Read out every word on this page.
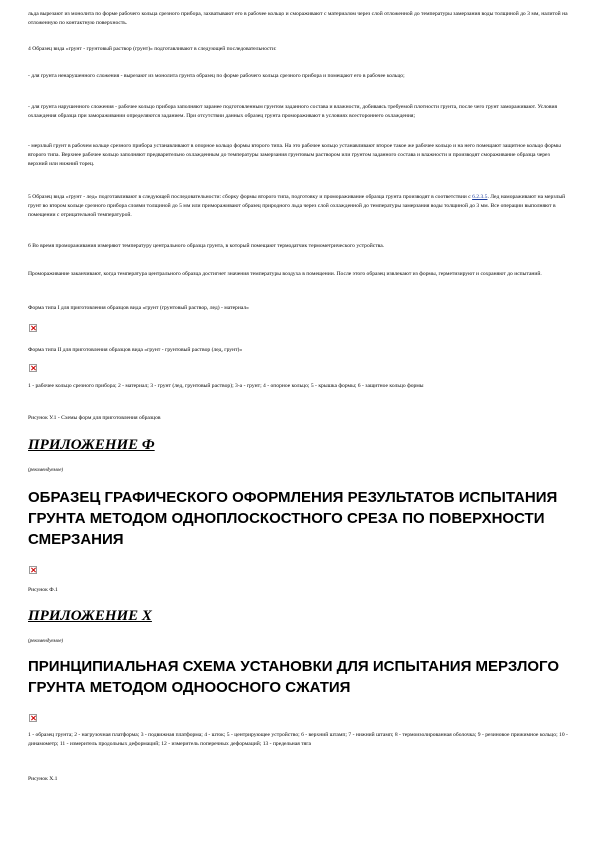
льда вырезают из монолита по форме рабочего кольца срезного прибора, захватывают его в рабочее кольцо и смораживают с материалом через слой отложенной до температуры замерзания воды толщиной до 3 мм, налитой на отложенную по контактную поверхность.

4 Образец вида «грунт - грунтовый раствор (грунт)» подготавливают в следующей последовательности:

- для грунта ненарушенного сложения - вырезают из монолита грунта образец по форме рабочего кольца срезного прибора и помещают его в рабочее кольцо;

- для грунта нарушенного сложения - рабочее кольцо прибора заполняют заранее подготовленным грунтом заданного состава и влажности, добиваясь требуемой плотности грунта, после чего грунт замораживают. Условия охлаждения образца при замораживании определяются заданием. При отсутствии данных образец грунта промораживают в условиях всестороннего охлаждения;

- мерзлый грунт в рабочем кольце срезного прибора устанавливают в опорное кольцо формы второго типа. На это рабочее кольцо устанавливают второе такое же рабочее кольцо и на него помещают защитное кольцо формы второго типа. Верхнее рабочее кольцо заполняют предварительно охлажденным до температуры замерзания грунтовым раствором или грунтом заданного состава и влажности и производят смораживание образца через верхний или нижний торец.

5 Образец вида «грунт - лед» подготавливают в следующей последовательности: сборку формы второго типа, подготовку и промораживание образца грунта производят в соответствии с 6.2.3.5. Лед намораживают на мерзлый грунт во втором кольце срезного прибора слоями толщиной до 5 мм или примораживают образец природного льда через слой охлажденной до температуры замерзания воды толщиной до 3 мм. Все операции выполняют в помещении с отрицательной температурой.

6 Во время промораживания измеряют температуру центрального образца грунта, в который помещают термодатчик термометрического устройства.

Промораживание заканчивают, когда температура центрального образца достигнет значения температуры воздуха в помещении. После этого образец извлекают из формы, герметизируют и сохраняют до испытаний.

Форма типа I для приготовления образцов вида «грунт (грунтовый раствор, лед) - материал»

Форма типа II для приготовления образцов вида «грунт - грунтовый раствор (лед, грунт)»

1 - рабочее кольцо срезного прибора; 2 - материал; 3 - грунт (лед, грунтовый раствор); 3-а - грунт; 4 - опорное кольцо; 5 - крышка формы; 6 - защитное кольцо формы

Рисунок У.1 - Схемы форм для приготовления образцов

ПРИЛОЖЕНИЕ Ф

(рекомендуемое)

ОБРАЗЕЦ ГРАФИЧЕСКОГО ОФОРМЛЕНИЯ РЕЗУЛЬТАТОВ ИСПЫТАНИЯ ГРУНТА МЕТОДОМ ОДНОПЛОСКОСТНОГО СРЕЗА ПО ПОВЕРХНОСТИ СМЕРЗАНИЯ

Рисунок Ф.1

ПРИЛОЖЕНИЕ Х

(рекомендуемое)

ПРИНЦИПИАЛЬНАЯ СХЕМА УСТАНОВКИ ДЛЯ ИСПЫТАНИЯ МЕРЗЛОГО ГРУНТА МЕТОДОМ ОДНООСНОГО СЖАТИЯ

1 - образец грунта; 2 - нагрузочная платформа; 3 - подвижная платформа; 4 - шток; 5 - центрирующее устройство; 6 - верхний штамп; 7 - нижний штамп; 8 - термоизолированная оболочка; 9 - резиновое прижимное кольцо; 10 - динамометр; 11 - измеритель продольных деформаций; 12 - измеритель поперечных деформаций; 13 - предельная тяга

Рисунок Х.1
